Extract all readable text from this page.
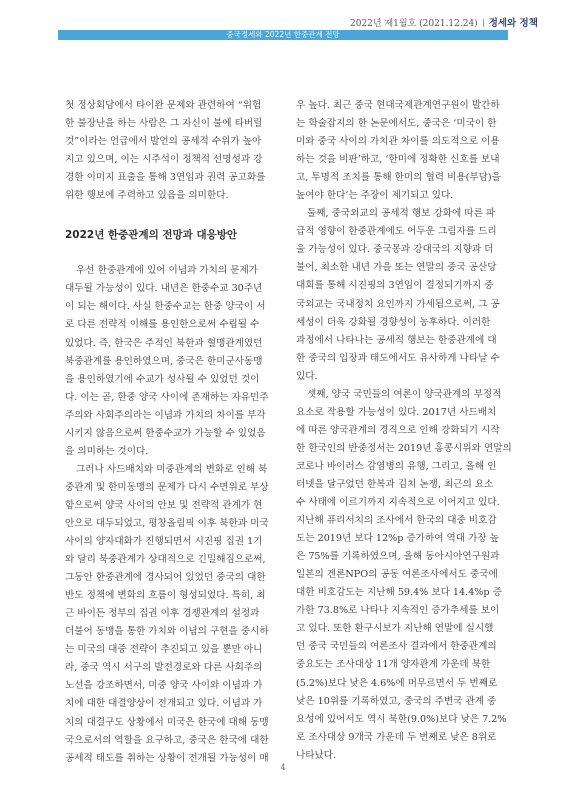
2022년 제1월호 (2021.12.24) 정세와 정책
중국정세와 2022년 한중관계 전망
첫 정상회담에서 타이완 문제와 관련하여 “위험
한 불장난을 하는 사람은 그 자신이 불에 타버릴
것”이라는 언급에서 발언의 공세적 수위가 높아
지고 있으며, 이는 시주석이 정책적 선명성과 강
경한 이미지 표출을 통해 3연임과 권력 공고화를
위한 행보에 주력하고 있음을 의미한다.
2022년 한중관계의 전망과 대응방안
우선 한중관계에 있어 이념과 가치의 문제가
대두될 가능성이 있다. 내년은 한중수교 30주년
이 되는 해이다. 사실 한중수교는 한중 양국이 서
로 다른 전략적 이해를 용인한으로써 수립될 수
있었다. 즉, 한국은 주적인 북한과 혈맹관계였던
북중관계를 용인하였으며, 중국은 한미군사동맹
을 용인하였기에 수교가 성사될 수 있었던 것이
다. 이는 곧, 한중 양국 사이에 존재하는 자유민주
주의와 사회주의라는 이념과 가치의 차이를 부각
시키지 않음으로써 한중수교가 가능할 수 있었음
을 의미하는 것이다.
그러나 사드배치와 미중관계의 변화로 인해 북
중관계 및 한미동맹의 문제가 다시 수면위로 부상
함으로써 양국 사이의 안보 및 전략적 관계가 현
안으로 대두되었고, 평창올림픽 이후 북한과 미국
사이의 양자대화가 진행되면서 시진핑 집권 1기
와 달리 북중관계가 상대적으로 긴밀해짐으로써,
그동안 한중관계에 경사되어 있었던 중국의 대한
반도 정책에 변화의 흐름이 형성되었다. 특히, 최
근 바이든 정부의 집권 이후 경쟁관계의 설정과
더불어 동맹을 통한 가치와 이념의 구현을 중시하
는 미국의 대중 전략이 추진되고 있을 뿐만 아니
라, 중국 역시 서구의 발전경로와 다른 사회주의
노선을 강조하면서, 미중 양국 사이와 이념과 가
치에 대한 대결양상이 전개되고 있다. 이념과 가
치의 대결구도 상황에서 미국은 한국에 대해 동맹
국으로서의 역할을 요구하고, 중국은 한국에 대한
공세적 태도를 취하는 상황이 전개될 가능성이 매
우 높다. 최근 중국 현대국제관계연구원이 발간하
는 학술잡지의 한 논문에서도, 중국은 ‘미국이 한
미와 중국 사이의 가치관 차이를 의도적으로 이용
하는 것을 비판’하고, ‘한미에 정확한 신호를 보내
고, 투명적 조치를 통해 한미의 협력 비용(부담)을
높여야 한다’는 주장이 제기되고 있다.
둘째, 중국외교의 공세적 행보 강화에 따른 파
급적 영향이 한중관계에도 어두운 그림자를 드리
울 가능성이 있다. 중국몽과 강대국의 지향과 더
불어, 최소한 내년 가을 또는 연말의 중국 공산당
대회를 통해 시진핑의 3연임이 결정되기까지 중
국외교는 국내정치 요인까지 가세됨으로써, 그 공
세성이 더욱 강화될 경향성이 농후하다. 이러한
과정에서 나타나는 공세적 행보는 한중관계에 대
한 중국의 입장과 태도에서도 유사하게 나타날 수
있다.
셋째, 양국 국민들의 여론이 양국관계의 부정적
요소로 작용할 가능성이 있다. 2017년 사드배치
에 따른 양국관계의 경직으로 인해 강화되기 시작
한 한국인의 반중정서는 2019년 홍콩시위와 연말의
코로나 바이러스 감염병의 유행, 그리고, 올해 인
터넷을 달구었던 한복과 김치 논쟁, 최근의 요소
수 사태에 이르기까지 지속적으로 이어지고 있다.
지난해 퓨리서치의 조사에서 한국의 대중 비호감
도는 2019년 보다 12%p 증가하여 역대 가장 높
은 75%를 기록하였으며, 올해 동아시아연구원과
일본의 겐론NPO의 공동 여론조사에서도 중국에
대한 비호감도는 지난해 59.4% 보다 14.4%p 증
가한 73.8%로 나타나 지속적인 증가추세를 보이
고 있다. 또한 환구시보가 지난해 연말에 실시했
던 중국 국민들의 여론조사 결과에서 한중관계의
중요도는 조사대상 11개 양자관계 가운데 북한
(5.2%)보다 낮은 4.6%에 머무르면서 두 번째로
낮은 10위를 기록하였고, 중국의 주변국 관계 중
요성에 있어서도 역시 북한(9.0%)보다 낮은 7.2%
로 조사대상 9개국 가운데 두 번째로 낮은 8위로
나타났다.
4
